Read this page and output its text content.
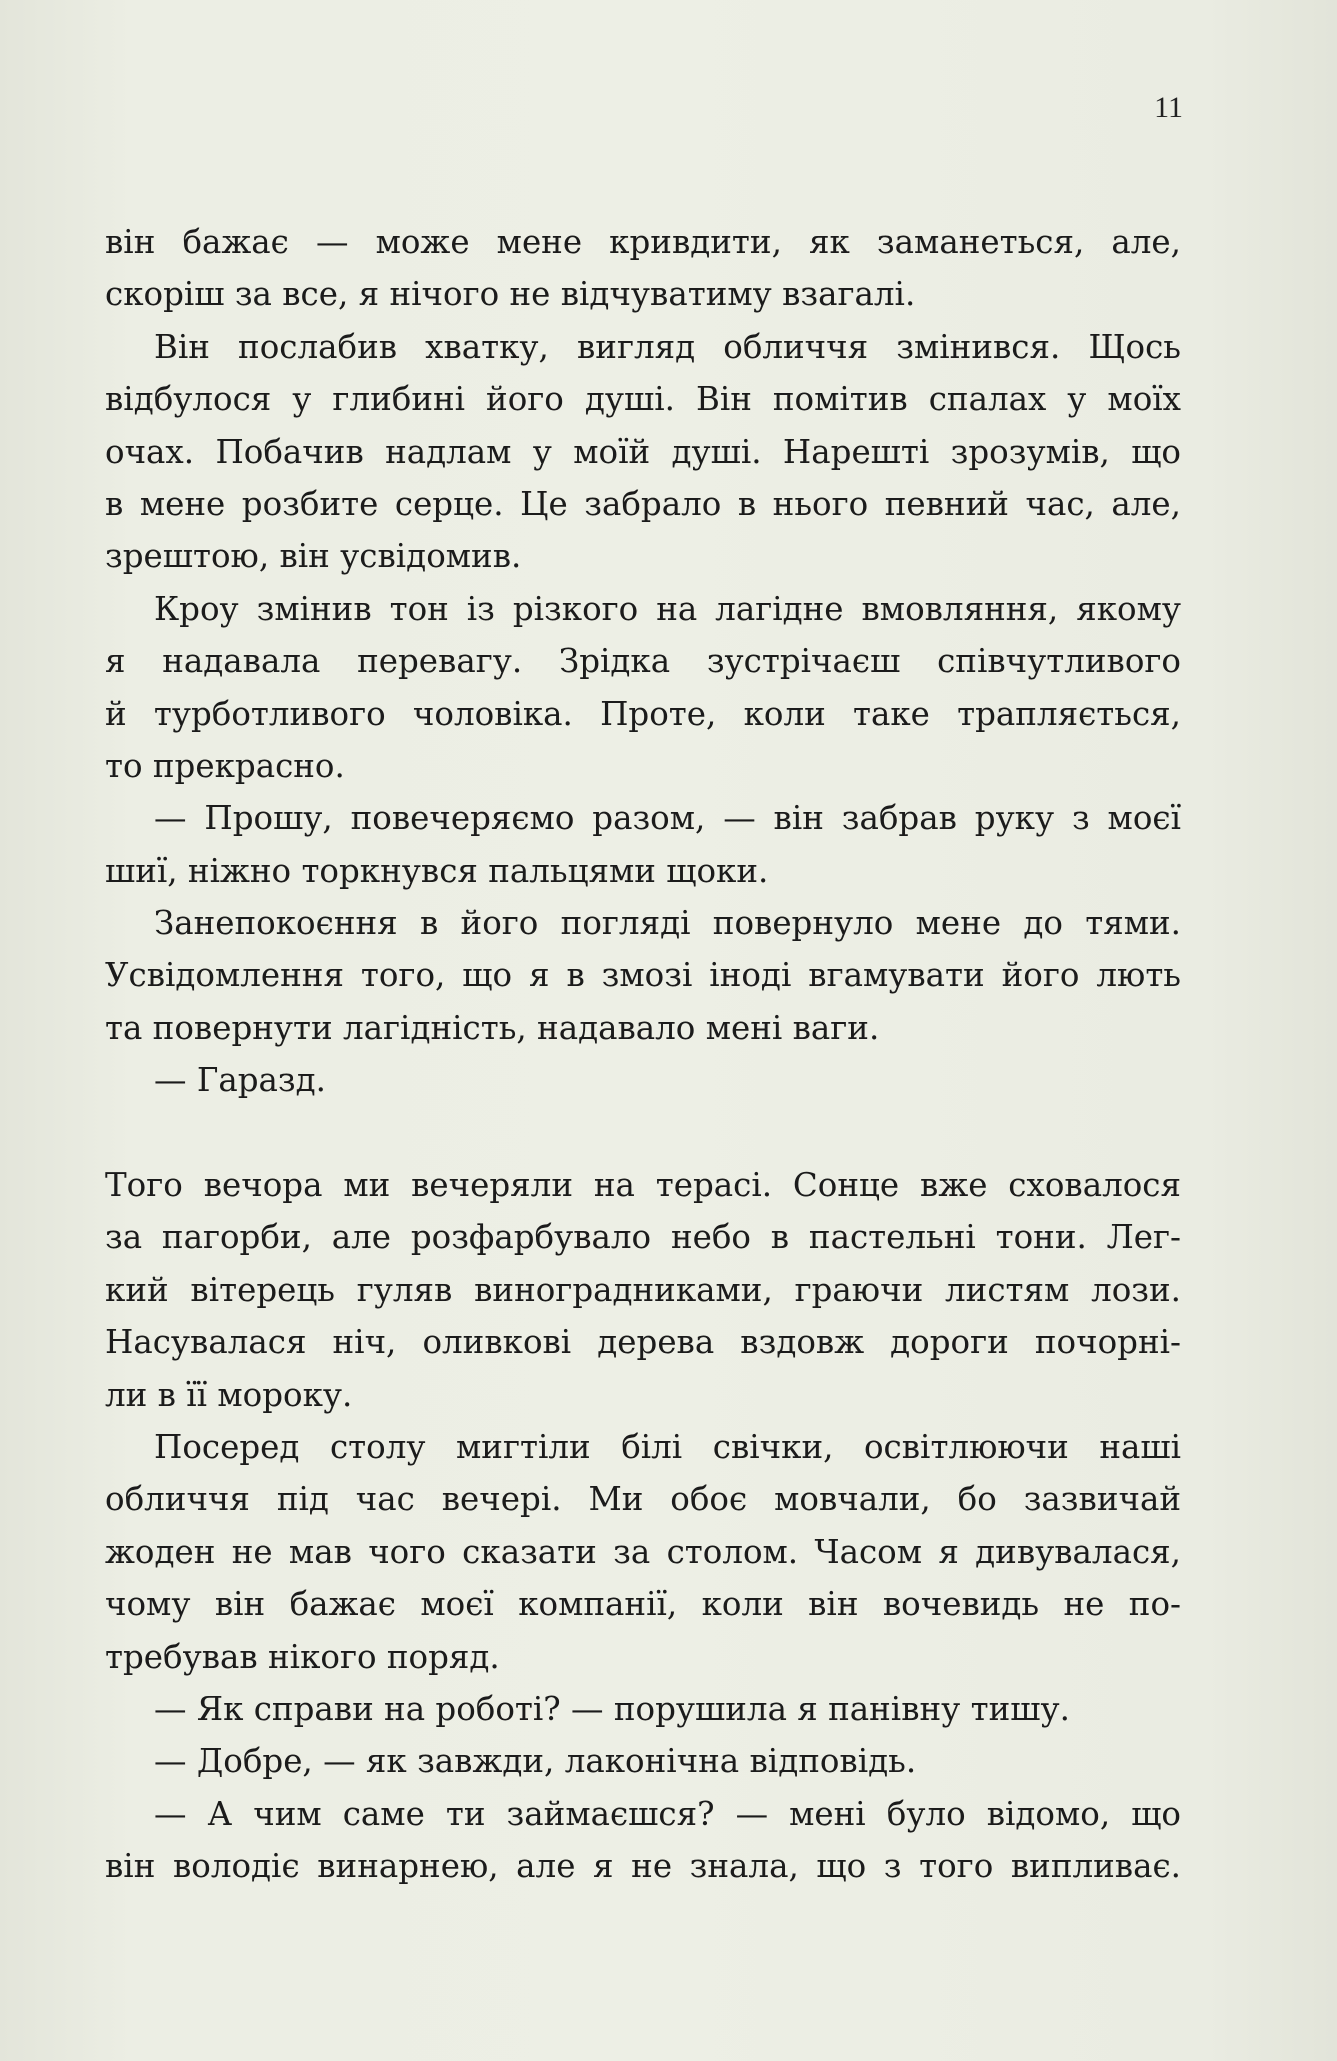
11
він бажає — може мене кривдити, як заманеться, але,
скоріш за все, я нічого не відчуватиму взагалі.
Він послабив хватку, вигляд обличчя змінився. Щось
відбулося у глибині його душі. Він помітив спалах у моїх
очах. Побачив надлам у моїй душі. Нарешті зрозумів, що
в мене розбите серце. Це забрало в нього певний час, але,
зрештою, він усвідомив.
Кроу змінив тон із різкого на лагідне вмовляння, якому
я надавала перевагу. Зрідка зустрічаєш співчутливого
й турботливого чоловіка. Проте, коли таке трапляється,
то прекрасно.
— Прошу, повечеряємо разом, — він забрав руку з моєї
шиї, ніжно торкнувся пальцями щоки.
Занепокоєння в його погляді повернуло мене до тями.
Усвідомлення того, що я в змозі іноді вгамувати його лють
та повернути лагідність, надавало мені ваги.
— Гаразд.
Того вечора ми вечеряли на терасі. Сонце вже сховалося
за пагорби, але розфарбувало небо в пастельні тони. Лег-
кий вітерець гуляв виноградниками, граючи листям лози.
Насувалася ніч, оливкові дерева вздовж дороги почорні-
ли в її мороку.
Посеред столу мигтіли білі свічки, освітлюючи наші
обличчя під час вечері. Ми обоє мовчали, бо зазвичай
жоден не мав чого сказати за столом. Часом я дивувалася,
чому він бажає моєї компанії, коли він вочевидь не по-
требував нікого поряд.
— Як справи на роботі? — порушила я панівну тишу.
— Добре, — як завжди, лаконічна відповідь.
— А чим саме ти займаєшся? — мені було відомо, що
він володіє винарнею, але я не знала, що з того випливає.
